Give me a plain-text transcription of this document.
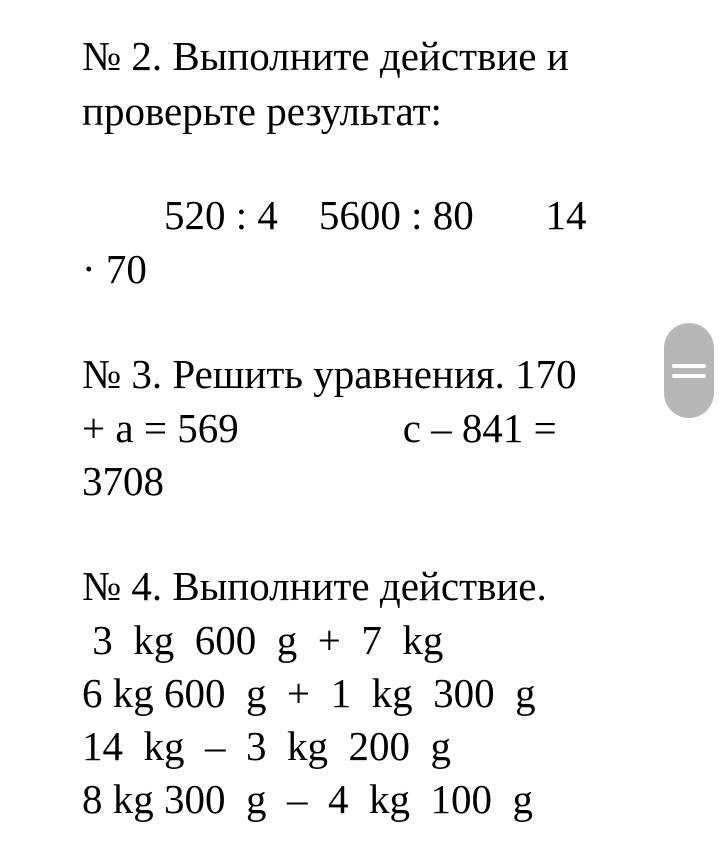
№ 2. Выполните действие и
проверьте результат:
520 : 4    5600 : 80       14
· 70
№ 3. Решить уравнения. 170
+ a = 569                c – 841 =
3708
№ 4. Выполните действие.
3  kg  600  g  +  7  kg
6 kg 600  g  +  1  kg  300  g
14  kg  –  3  kg  200  g
8 kg 300  g  –  4  kg  100  g
